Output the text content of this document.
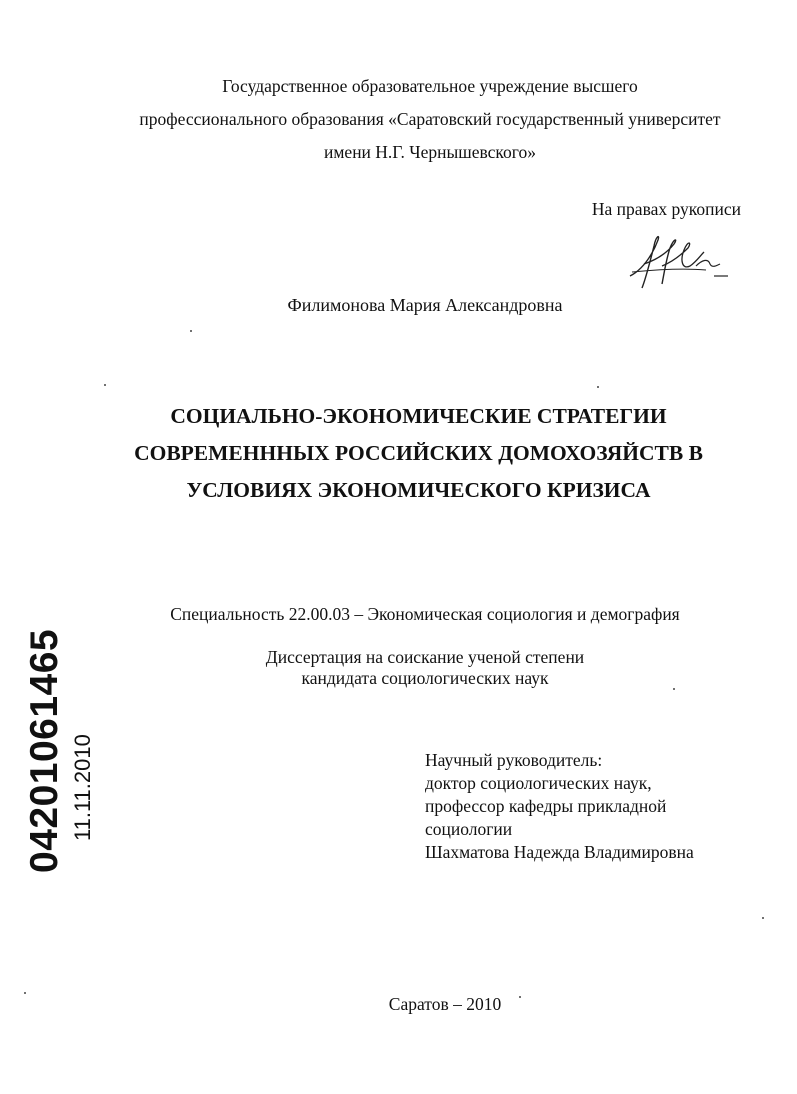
Государственное образовательное учреждение высшего
профессионального образования «Саратовский государственный университет
имени Н.Г. Чернышевского»
На правах рукописи
Филимонова Мария Александровна
СОЦИАЛЬНО-ЭКОНОМИЧЕСКИЕ СТРАТЕГИИ
СОВРЕМЕНННЫХ РОССИЙСКИХ ДОМОХОЗЯЙСТВ В
УСЛОВИЯХ ЭКОНОМИЧЕСКОГО КРИЗИСА
Специальность 22.00.03 – Экономическая социология и демография
Диссертация на соискание ученой степени
кандидата социологических наук
Научный руководитель:
доктор социологических наук,
профессор кафедры прикладной
социологии
Шахматова Надежда Владимировна
Саратов – 2010
04201061465 11.11.2010
